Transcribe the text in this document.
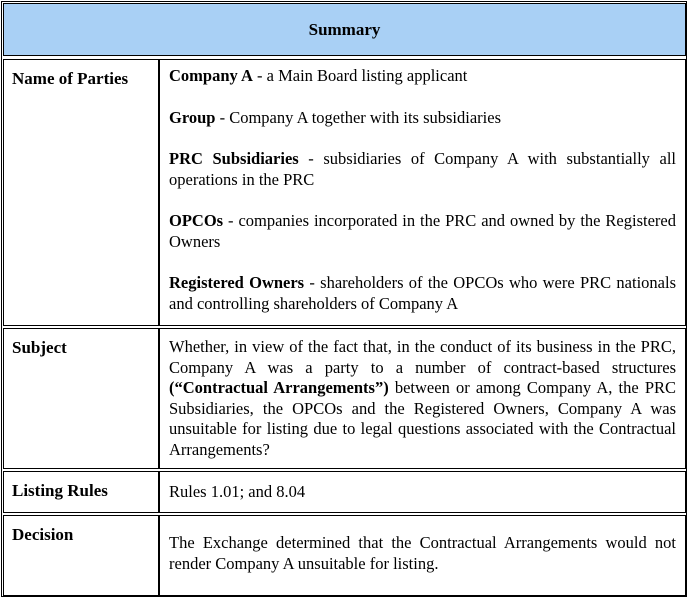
Summary
Name of Parties	Company A - a Main Board listing applicant

Group - Company A together with its subsidiaries

PRC Subsidiaries - subsidiaries of Company A with substantially all operations in the PRC

OPCOs - companies incorporated in the PRC and owned by the Registered Owners

Registered Owners - shareholders of the OPCOs who were PRC nationals and controlling shareholders of Company A

Subject	Whether, in view of the fact that, in the conduct of its business in the PRC, Company A was a party to a number of contract-based structures (“Contractual Arrangements”) between or among Company A, the PRC Subsidiaries, the OPCOs and the Registered Owners, Company A was unsuitable for listing due to legal questions associated with the Contractual Arrangements?

Listing Rules	Rules 1.01; and 8.04

Decision	The Exchange determined that the Contractual Arrangements would not render Company A unsuitable for listing.
